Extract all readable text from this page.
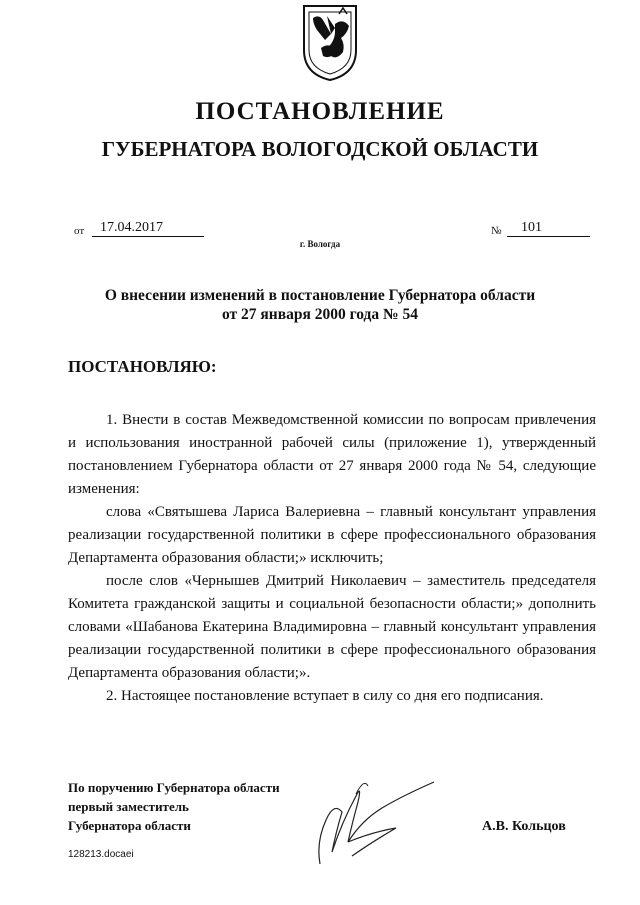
ПОСТАНОВЛЕНИЕ
ГУБЕРНАТОРА ВОЛОГОДСКОЙ ОБЛАСТИ
от	17.04.2017	№	101
г. Вологда
О внесении изменений в постановление Губернатора области
от 27 января 2000 года № 54
ПОСТАНОВЛЯЮ:

1. Внести в состав Межведомственной комиссии по вопросам привлечения и использования иностранной рабочей силы (приложение 1), утвержденный постановлением Губернатора области от 27 января 2000 года № 54, следующие изменения:

слова «Святышева Лариса Валериевна – главный консультант управления реализации государственной политики в сфере профессионального образования Департамента образования области;» исключить;

после слов «Чернышев Дмитрий Николаевич – заместитель председателя Комитета гражданской защиты и социальной безопасности области;» дополнить словами «Шабанова Екатерина Владимировна – главный консультант управления реализации государственной политики в сфере профессионального образования Департамента образования области;».

2. Настоящее постановление вступает в силу со дня его подписания.

По поручению Губернатора области
первый заместитель
Губернатора области	А.В. Кольцов
128213.docaei
